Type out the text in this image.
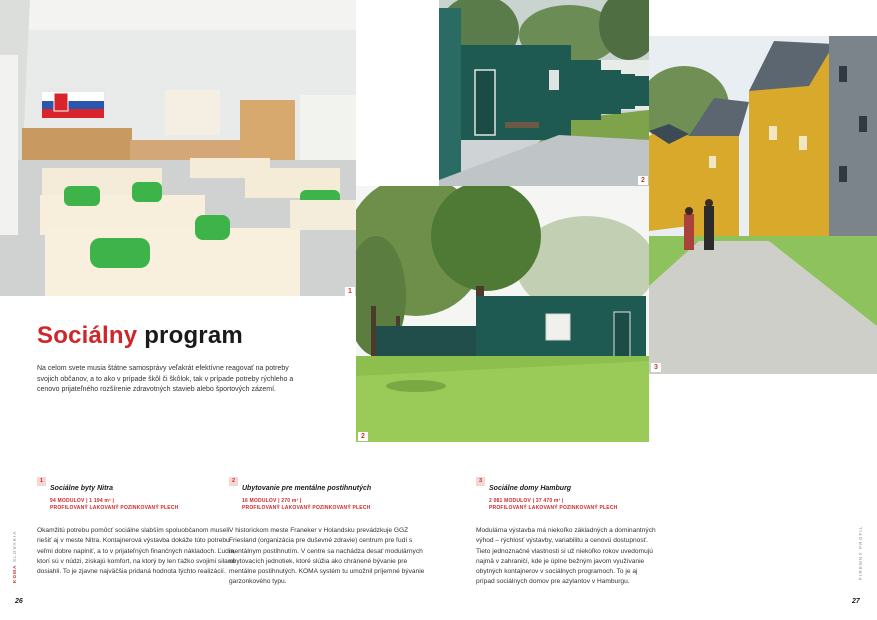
1
2
2
3
Sociálny program

Na celom svete musia štátne samosprávy veľakrát efektívne reagovať na potreby svojich občanov, a to ako v prípade škôl či škôlok, tak v prípade potreby rýchleho a cenovo prijateľného rozšírenie zdravotných stavieb alebo športových zázemí.

1Sociálne byty Nitra
94 MODULOV | 1 194 m² |
PROFILOVANÝ LAKOVANÝ POZINKOVANÝ PLECH

Okamžitú potrebu pomôcť sociálne slabším spoluobčanom museli riešiť aj v meste Nitra. Kontajnerová výstavba dokáže túto potrebu veľmi dobre naplniť, a to v prijateľných finančných nákladoch. Ľudia, ktorí sú v núdzi, získajú komfort, na ktorý by len ťažko svojimi silami dosiahli. To je zjavne najväčšia pridaná hodnota týchto realizácií.

2Ubytovanie pre mentálne postihnutých
16 MODULOV | 270 m² |
PROFILOVANÝ LAKOVANÝ POZINKOVANÝ PLECH

V historickom meste Franeker v Holandsku prevádzkuje GGZ Friesland (organizácia pre duševné zdravie) centrum pre ľudí s mentálnym postihnutím. V centre sa nachádza desať modulárnych ubytovacích jednotiek, ktoré slúžia ako chránené bývanie pre mentálne postihnutých. KOMA systém tu umožnil príjemné bývanie garzonkového typu.

3Sociálne domy Hamburg
2 081 MODULOV | 37 470 m² |
PROFILOVANÝ LAKOVANÝ POZINKOVANÝ PLECH

Modulárna výstavba má niekoľko základných a dominantných výhod – rýchlosť výstavby, variabilitu a cenovú dostupnosť. Tieto jednoznačné vlastnosti si už niekoľko rokov uvedomujú najmä v zahraničí, kde je úplne bežným javom využívanie obytných kontajnerov v sociálnych programoch. To je aj prípad sociálnych domov pre azylantov v Hamburgu.

KOMA SLOVAKIA	FIREMNÝ PROFIL
26	27
